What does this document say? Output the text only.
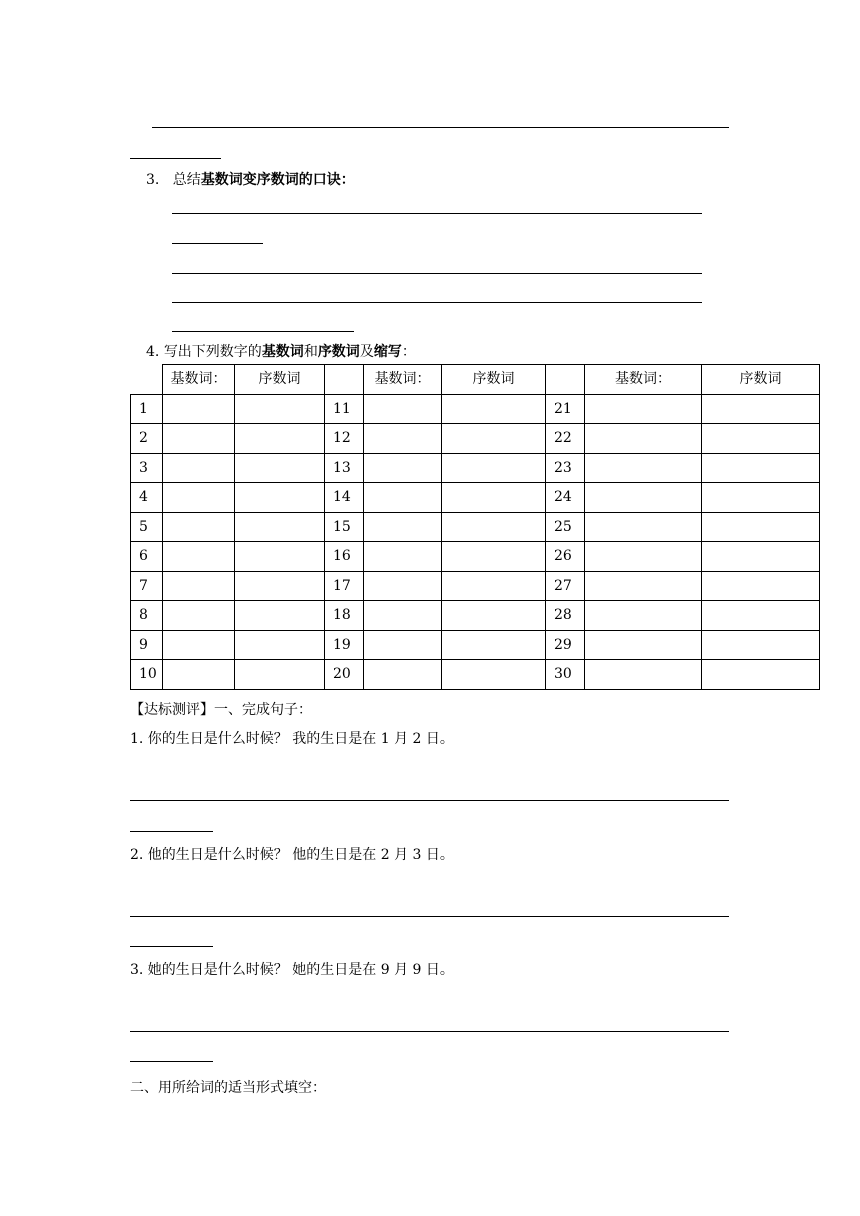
3. 总结基数词变序数词的口诀：
4. 写出下列数字的基数词和序数词及缩写：
	基数词：	序数词		基数词：	序数词		基数词：	序数词
1			11			21		
2			12			22		
3			13			23		
4			14			24		
5			15			25		
6			16			26		
7			17			27		
8			18			28		
9			19			29		
10			20			30		
【达标测评】一、完成句子：
1. 你的生日是什么时候？ 我的生日是在 1 月 2 日。
2. 他的生日是什么时候？ 他的生日是在 2 月 3 日。
3. 她的生日是什么时候？ 她的生日是在 9 月 9 日。
二、用所给词的适当形式填空：
